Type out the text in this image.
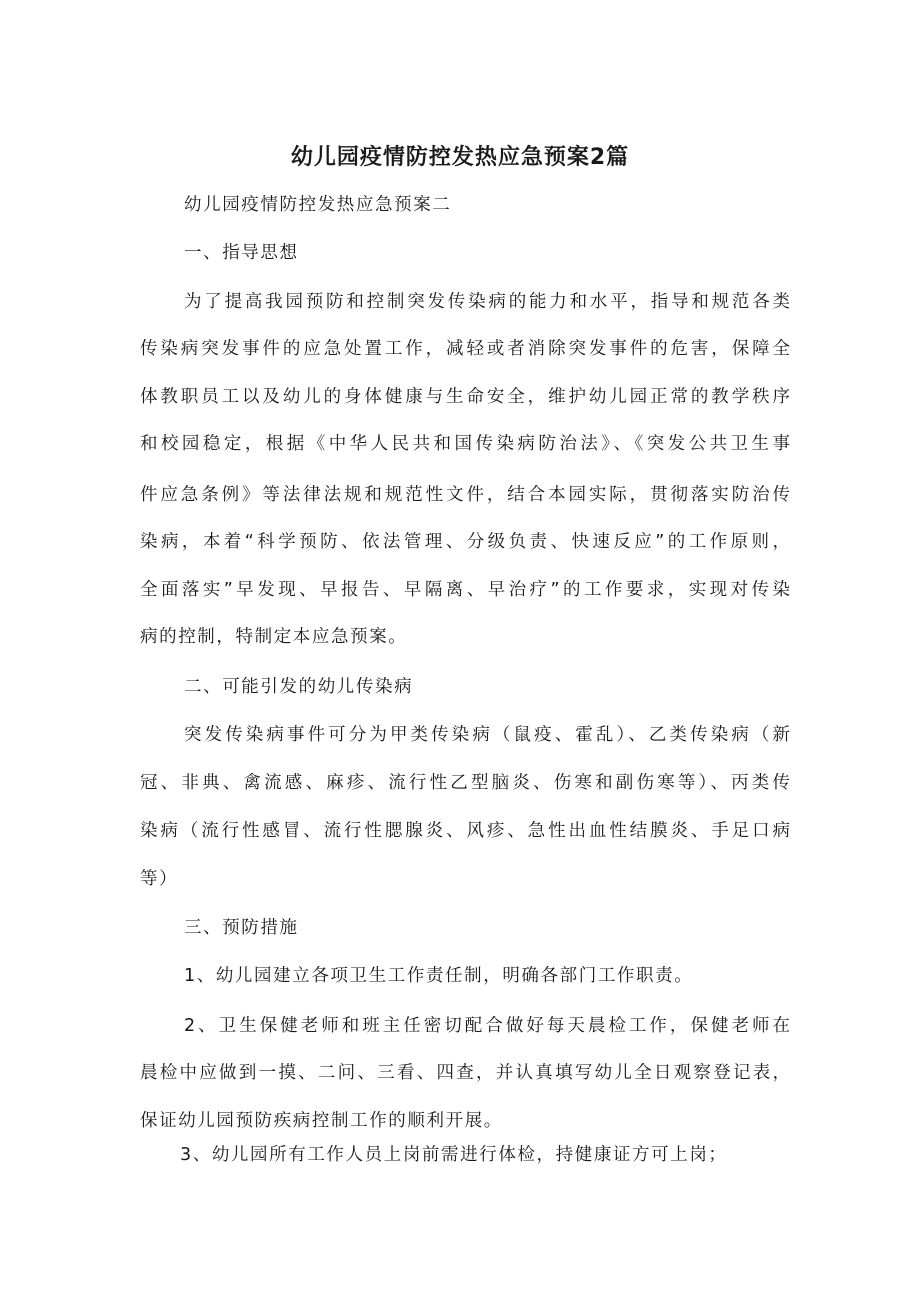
幼儿园疫情防控发热应急预案2篇
幼儿园疫情防控发热应急预案二
一、指导思想
为了提高我园预防和控制突发传染病的能力和水平，指导和规范各类
传染病突发事件的应急处置工作，减轻或者消除突发事件的危害，保障全
体教职员工以及幼儿的身体健康与生命安全，维护幼儿园正常的教学秩序
和校园稳定，根据《中华人民共和国传染病防治法》、《突发公共卫生事
件应急条例》等法律法规和规范性文件，结合本园实际，贯彻落实防治传
染病，本着“科学预防、依法管理、分级负责、快速反应”的工作原则，
全面落实”早发现、早报告、早隔离、早治疗”的工作要求，实现对传染
病的控制，特制定本应急预案。
二、可能引发的幼儿传染病
突发传染病事件可分为甲类传染病（鼠疫、霍乱）、乙类传染病（新
冠、非典、禽流感、麻疹、流行性乙型脑炎、伤寒和副伤寒等）、丙类传
染病（流行性感冒、流行性腮腺炎、风疹、急性出血性结膜炎、手足口病
等）
三、预防措施
1、幼儿园建立各项卫生工作责任制，明确各部门工作职责。
2、卫生保健老师和班主任密切配合做好每天晨检工作，保健老师在
晨检中应做到一摸、二问、三看、四查，并认真填写幼儿全日观察登记表，
保证幼儿园预防疾病控制工作的顺利开展。
3、幼儿园所有工作人员上岗前需进行体检，持健康证方可上岗；
